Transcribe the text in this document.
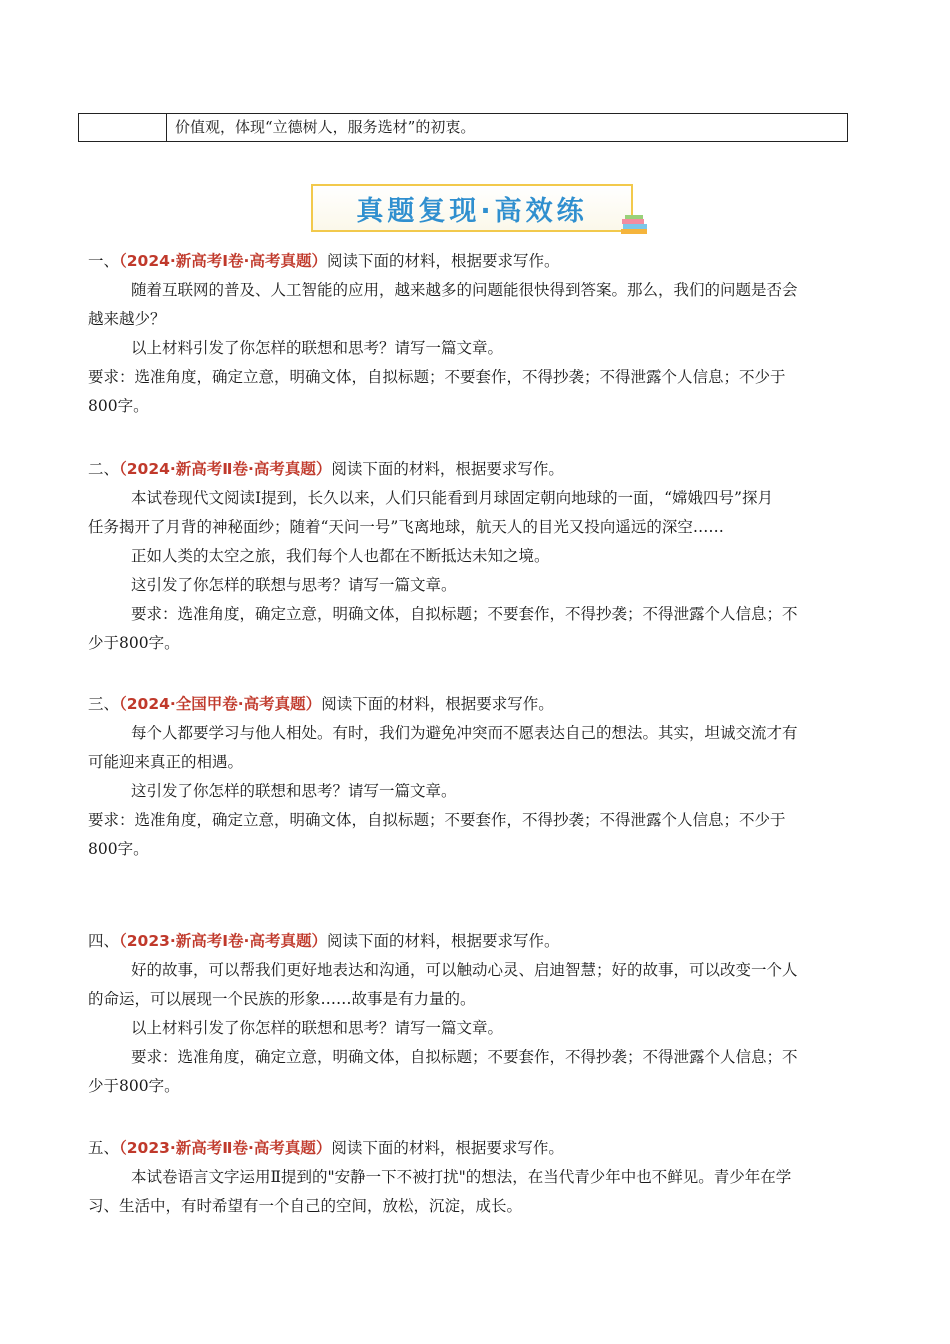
价值观，体现“立德树人，服务选材”的初衷。
真题复现·高效练
一、（2024·新高考Ⅰ卷·高考真题）阅读下面的材料，根据要求写作。
随着互联网的普及、人工智能的应用，越来越多的问题能很快得到答案。那么，我们的问题是否会
越来越少？
以上材料引发了你怎样的联想和思考？请写一篇文章。
要求：选准角度，确定立意，明确文体，自拟标题；不要套作，不得抄袭；不得泄露个人信息；不少于
800字。
二、（2024·新高考Ⅱ卷·高考真题）阅读下面的材料，根据要求写作。
本试卷现代文阅读Ⅰ提到，长久以来，人们只能看到月球固定朝向地球的一面，“嫦娥四号”探月
任务揭开了月背的神秘面纱；随着“天问一号”飞离地球，航天人的目光又投向遥远的深空……
正如人类的太空之旅，我们每个人也都在不断抵达未知之境。
这引发了你怎样的联想与思考？请写一篇文章。
要求：选准角度，确定立意，明确文体，自拟标题；不要套作，不得抄袭；不得泄露个人信息；不
少于800字。
三、（2024·全国甲卷·高考真题）阅读下面的材料，根据要求写作。
每个人都要学习与他人相处。有时，我们为避免冲突而不愿表达自己的想法。其实，坦诚交流才有
可能迎来真正的相遇。
这引发了你怎样的联想和思考？请写一篇文章。
要求：选准角度，确定立意，明确文体，自拟标题；不要套作，不得抄袭；不得泄露个人信息；不少于
800字。
四、（2023·新高考Ⅰ卷·高考真题）阅读下面的材料，根据要求写作。
好的故事，可以帮我们更好地表达和沟通，可以触动心灵、启迪智慧；好的故事，可以改变一个人
的命运，可以展现一个民族的形象……故事是有力量的。
以上材料引发了你怎样的联想和思考？请写一篇文章。
要求：选准角度，确定立意，明确文体，自拟标题；不要套作，不得抄袭；不得泄露个人信息；不
少于800字。
五、（2023·新高考Ⅱ卷·高考真题）阅读下面的材料，根据要求写作。
本试卷语言文字运用Ⅱ提到的"安静一下不被打扰"的想法，在当代青少年中也不鲜见。青少年在学
习、生活中，有时希望有一个自己的空间，放松，沉淀，成长。
